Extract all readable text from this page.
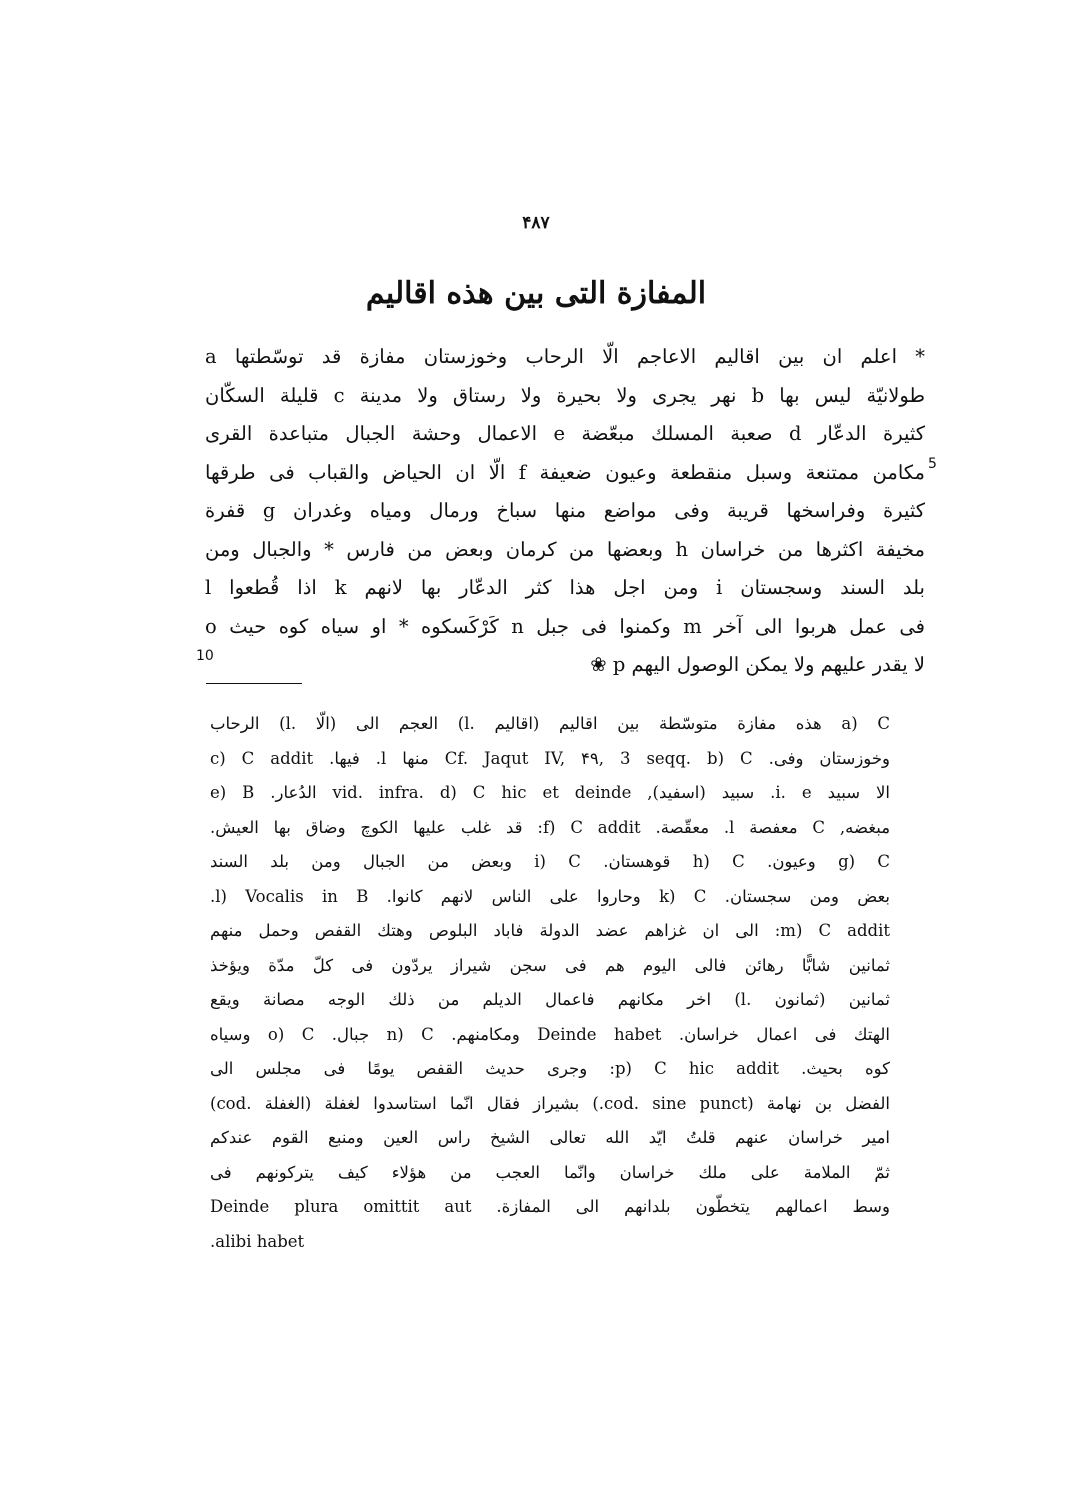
۴۸۷
المفازة التى بين هذه اقاليم
* اعلم ان بين اقاليم الاعاجم الّا الرحاب وخوزستان مفازة قد توسّطتها a
طولانيّة ليس بها b نهر يجرى ولا بحيرة ولا رستاق ولا مدينة c قليلة السكّان
كثيرة الدعّار d صعبة المسلك مبعّضة e الاعمال وحشة الجبال متباعدة القرى
مكامن ممتنعة وسبل منقطعة وعيون ضعيفة f الّا ان الحياض والقباب فى طرقها
كثيرة وفراسخها قريبة وفى مواضع منها سباخ ورمال ومياه وغدران g قفرة
مخيفة اكثرها من خراسان h وبعضها من كرمان وبعض من فارس * والجبال ومن
بلد السند وسجستان i ومن اجل هذا كثر الدعّار بها لانهم k اذا قُطعوا l
فى عمل هربوا الى آخر m وكمنوا فى جبل n كَرْكَسكوه * او سياه كوه حيث o
لا يقدر عليهم ولا يمكن الوصول اليهم p ❀
5
10
a) C هذه مفازة متوسّطة بين اقاليم (اقاليم .l) العجم الى (الّا .l) الرحاب
وخوزستان وفى. Cf. Jaqut IV, ۴۹, 3 seqq. b) C منها l. فيها. c) C addit
الا سبيد i. e. سبيد (اسفيد), vid. infra. d) C hic et deinde الدُعار. e) B
مبغضه, C معفصة l. معقّصة. f) C addit: قد غلب عليها الكوچ وضاق بها العيش.
g) C وعيون. h) C قوهستان. i) C وبعض من الجبال ومن بلد السند
بعض ومن سجستان. k) C وحاروا على الناس لانهم كانوا. l) Vocalis in B.
m) C addit: الى ان غزاهم عضد الدولة فاباد البلوص وهتك القفص وحمل منهم
ثمانين شابًّا رهائن فالى اليوم هم فى سجن شيراز يردّون فى كلّ مدّة ويؤخذ
ثمانين (ثمانون .l) اخر مكانهم فاعمال الديلم من ذلك الوجه مصانة ويقع
الهتك فى اعمال خراسان. Deinde habet ومكامنهم. n) C جبال. o) C وسياه
كوه بحيث. p) C hic addit: وجرى حديث القفص يومًا فى مجلس الى
الفضل بن نهامة (cod. sine punct.) بشيراز فقال انّما استاسدوا لغفلة (الغفلة .cod)
امير خراسان عنهم قلتُ ايّد الله تعالى الشيخ راس العين ومنبع القوم عندكم
ثمّ الملامة على ملك خراسان وانّما العجب من هؤلاء كيف يتركونهم فى
وسط اعمالهم يتخطّون بلدانهم الى المفازة. Deinde plura omittit aut
alibi habet.
